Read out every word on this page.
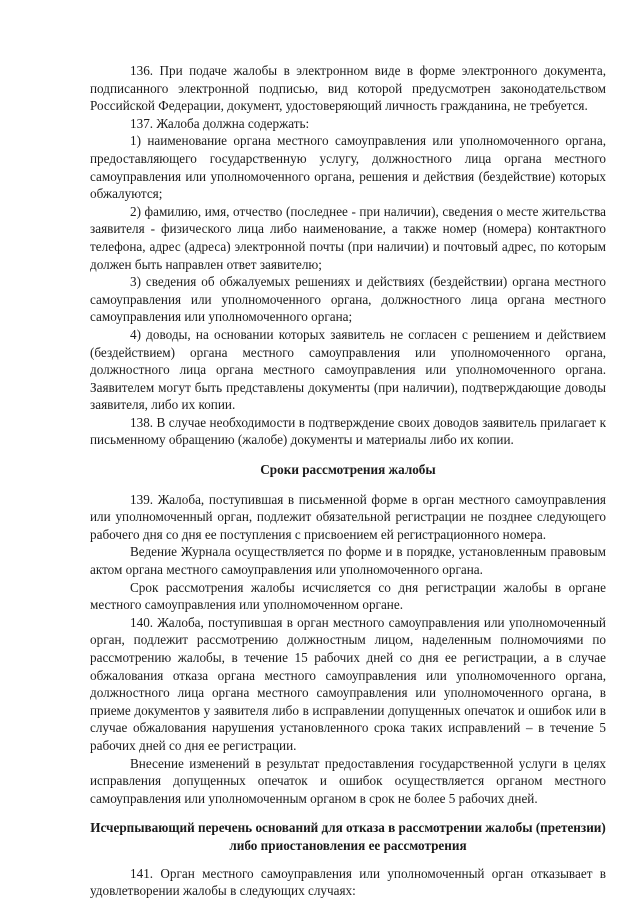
136. При подаче жалобы в электронном виде в форме электронного документа, подписанного электронной подписью, вид которой предусмотрен законодательством Российской Федерации, документ, удостоверяющий личность гражданина, не требуется.

137. Жалоба должна содержать:

1) наименование органа местного самоуправления или уполномоченного органа, предоставляющего государственную услугу, должностного лица органа местного самоуправления или уполномоченного органа, решения и действия (бездействие) которых обжалуются;

2) фамилию, имя, отчество (последнее - при наличии), сведения о месте жительства заявителя - физического лица либо наименование, а также номер (номера) контактного телефона, адрес (адреса) электронной почты (при наличии) и почтовый адрес, по которым должен быть направлен ответ заявителю;

3) сведения об обжалуемых решениях и действиях (бездействии) органа местного самоуправления или уполномоченного органа, должностного лица органа местного самоуправления или уполномоченного органа;

4) доводы, на основании которых заявитель не согласен с решением и действием (бездействием) органа местного самоуправления или уполномоченного органа, должностного лица органа местного самоуправления или уполномоченного органа. Заявителем могут быть представлены документы (при наличии), подтверждающие доводы заявителя, либо их копии.

138. В случае необходимости в подтверждение своих доводов заявитель прилагает к письменному обращению (жалобе) документы и материалы либо их копии.

Сроки рассмотрения жалобы

139. Жалоба, поступившая в письменной форме в орган местного самоуправления или уполномоченный орган, подлежит обязательной регистрации не позднее следующего рабочего дня со дня ее поступления с присвоением ей регистрационного номера.

Ведение Журнала осуществляется по форме и в порядке, установленным правовым актом органа местного самоуправления или уполномоченного органа.

Срок рассмотрения жалобы исчисляется со дня регистрации жалобы в органе местного самоуправления или уполномоченном органе.

140. Жалоба, поступившая в орган местного самоуправления или уполномоченный орган, подлежит рассмотрению должностным лицом, наделенным полномочиями по рассмотрению жалобы, в течение 15 рабочих дней со дня ее регистрации, а в случае обжалования отказа органа местного самоуправления или уполномоченного органа, должностного лица органа местного самоуправления или уполномоченного органа, в приеме документов у заявителя либо в исправлении допущенных опечаток и ошибок или в случае обжалования нарушения установленного срока таких исправлений – в течение 5 рабочих дней со дня ее регистрации.

Внесение изменений в результат предоставления государственной услуги в целях исправления допущенных опечаток и ошибок осуществляется органом местного самоуправления или уполномоченным органом в срок не более 5 рабочих дней.

Исчерпывающий перечень оснований для отказа в рассмотрении жалобы (претензии) либо приостановления ее рассмотрения

141. Орган местного самоуправления или уполномоченный орган отказывает в удовлетворении жалобы в следующих случаях:
